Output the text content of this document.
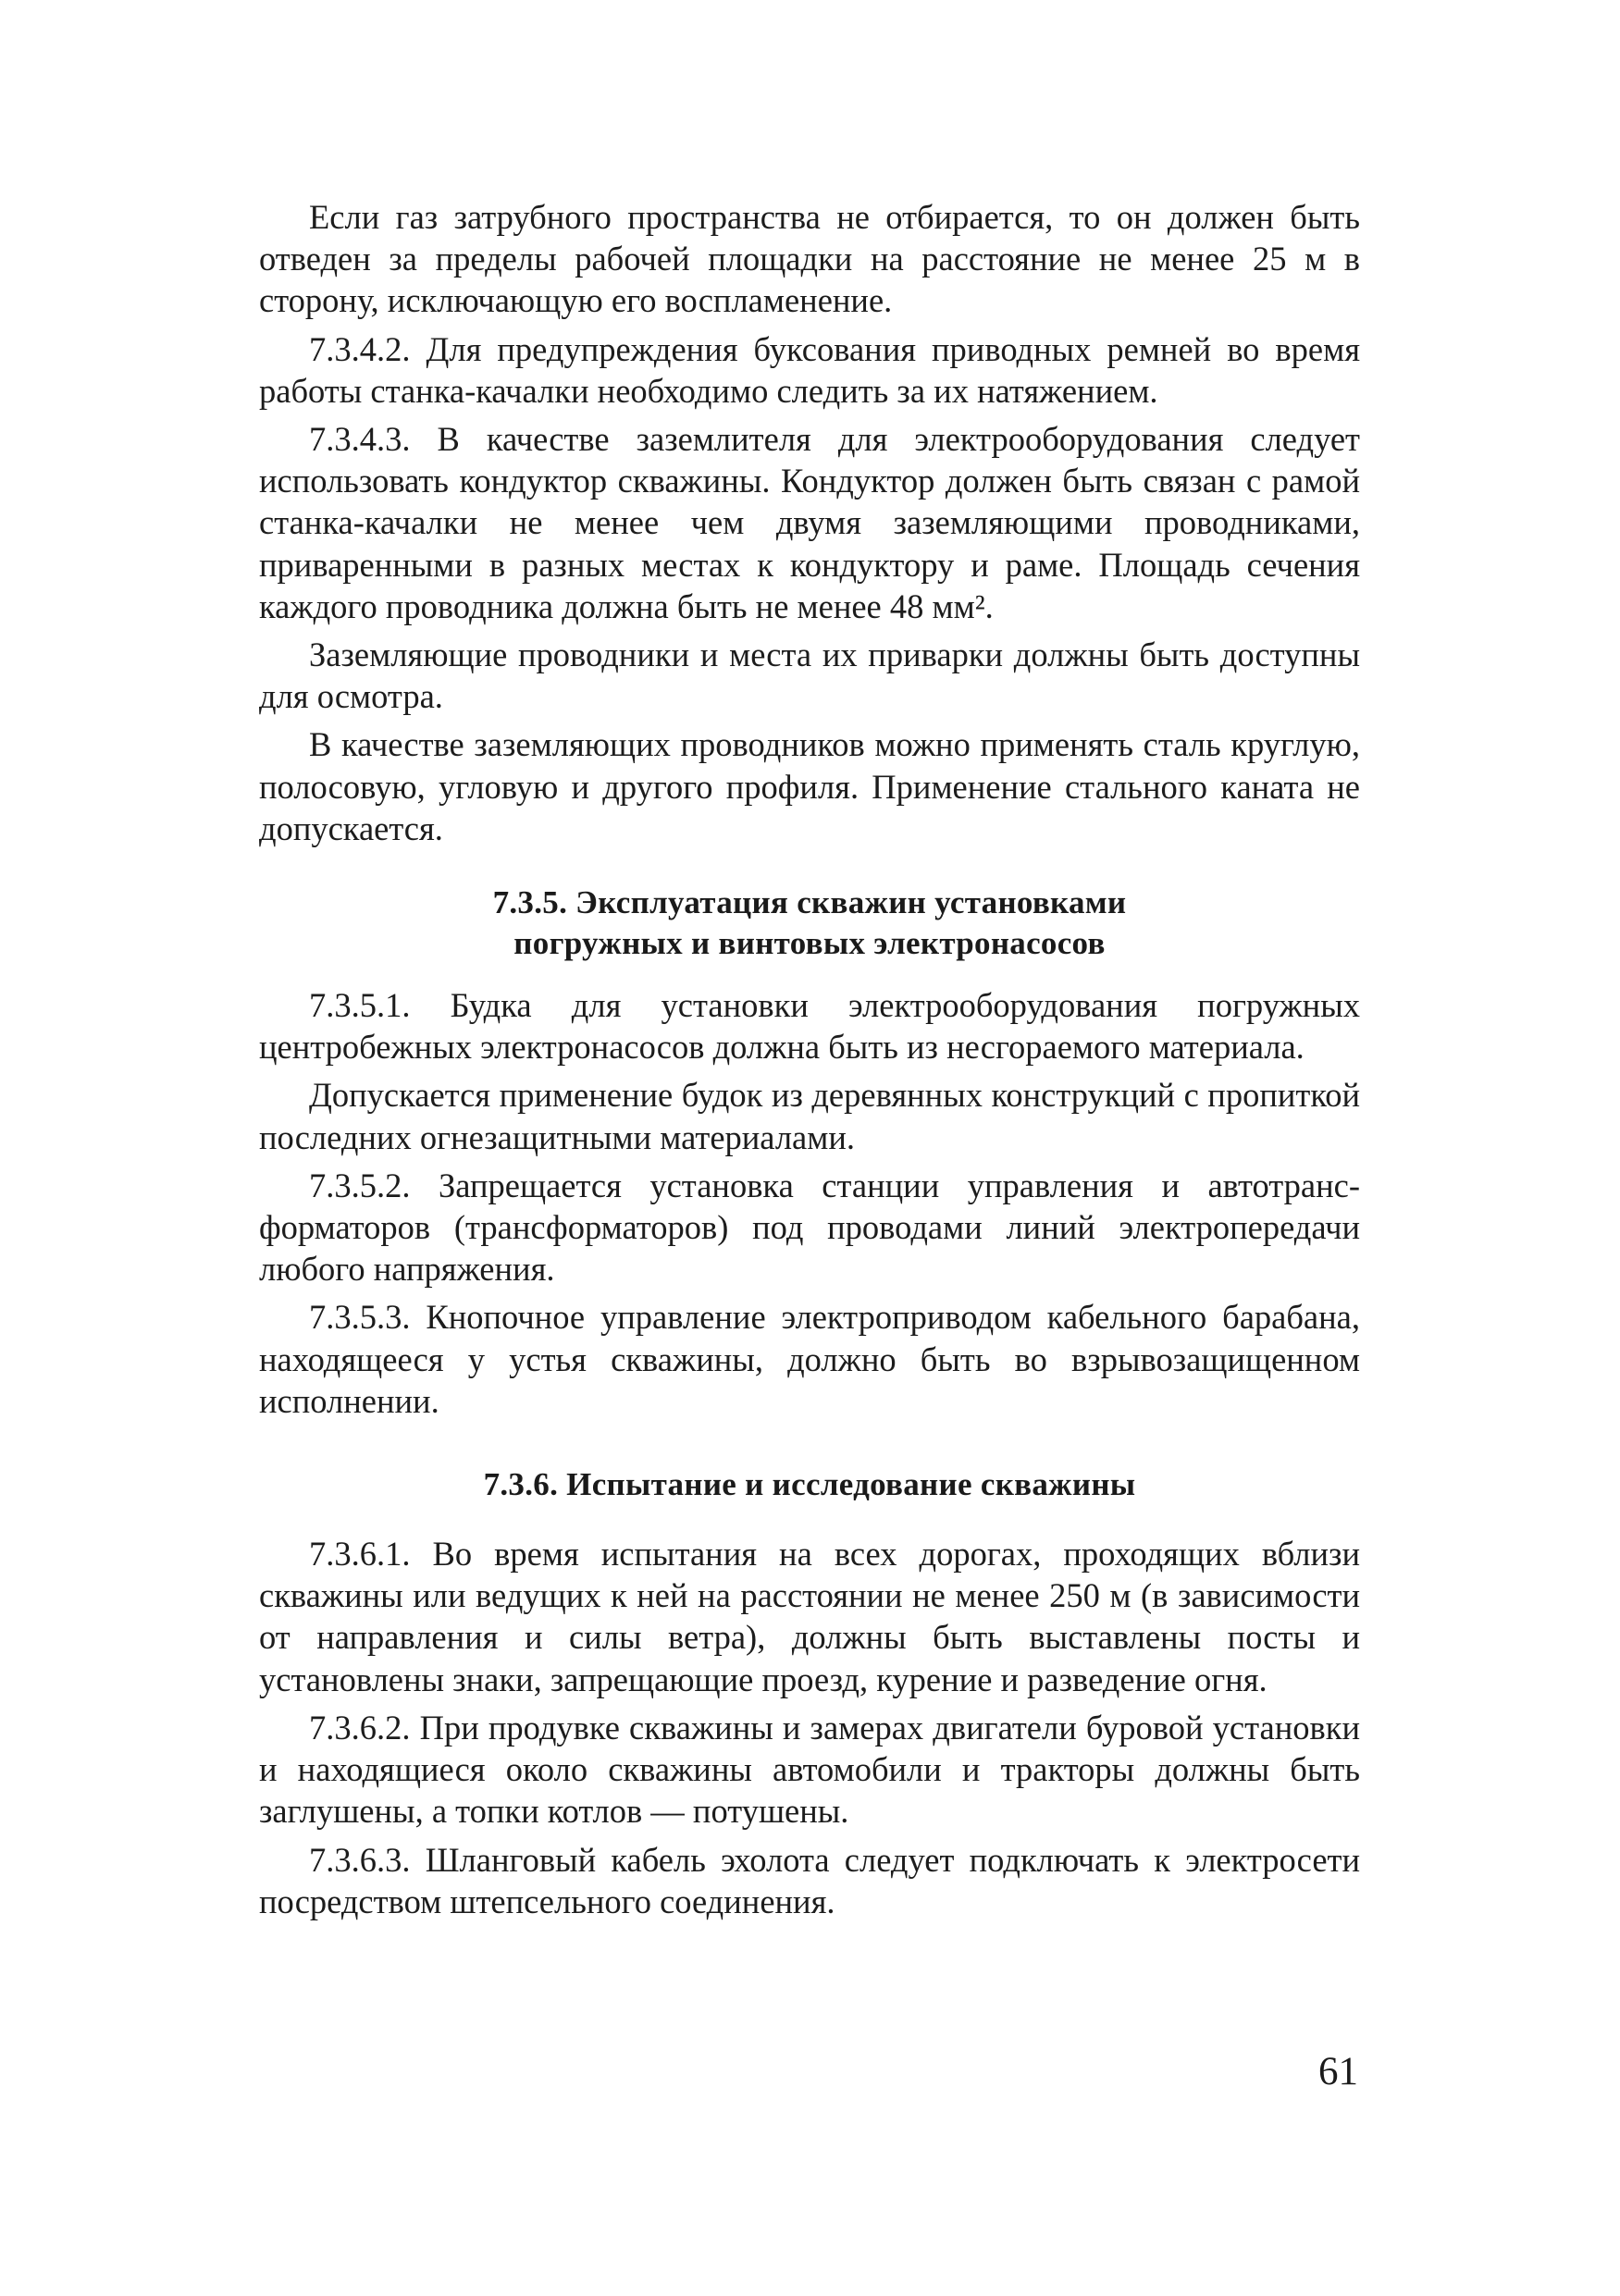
Если газ затрубного пространства не отбирается, то он должен быть отведен за пределы рабочей площадки на расстояние не менее 25 м в сторону, исключающую его воспламенение.

7.3.4.2. Для предупреждения буксования приводных ремней во время работы станка-качалки необходимо следить за их натяжением.

7.3.4.3. В качестве заземлителя для электрооборудования следует использовать кондуктор скважины. Кондуктор должен быть связан с рамой станка-качалки не менее чем двумя заземляющими проводниками, приваренными в разных местах к кондуктору и раме. Площадь сечения каждого проводника должна быть не менее 48 мм².

Заземляющие проводники и места их приварки должны быть доступны для осмотра.

В качестве заземляющих проводников можно применять сталь круглую, полосовую, угловую и другого профиля. Применение стального каната не допускается.

7.3.5. Эксплуатация скважин установками
погружных и винтовых электронасосов

7.3.5.1. Будка для установки электрооборудования погружных центробежных электронасосов должна быть из несгораемого материала.

Допускается применение будок из деревянных конструкций с пропиткой последних огнезащитными материалами.

7.3.5.2. Запрещается установка станции управления и автотрансформаторов (трансформаторов) под проводами линий электропередачи любого напряжения.

7.3.5.3. Кнопочное управление электроприводом кабельного барабана, находящееся у устья скважины, должно быть во взрывозащищенном исполнении.

7.3.6. Испытание и исследование скважины

7.3.6.1. Во время испытания на всех дорогах, проходящих вблизи скважины или ведущих к ней на расстоянии не менее 250 м (в зависимости от направления и силы ветра), должны быть выставлены посты и установлены знаки, запрещающие проезд, курение и разведение огня.

7.3.6.2. При продувке скважины и замерах двигатели буровой установки и находящиеся около скважины автомобили и тракторы должны быть заглушены, а топки котлов — потушены.

7.3.6.3. Шланговый кабель эхолота следует подключать к электросети посредством штепсельного соединения.

61
